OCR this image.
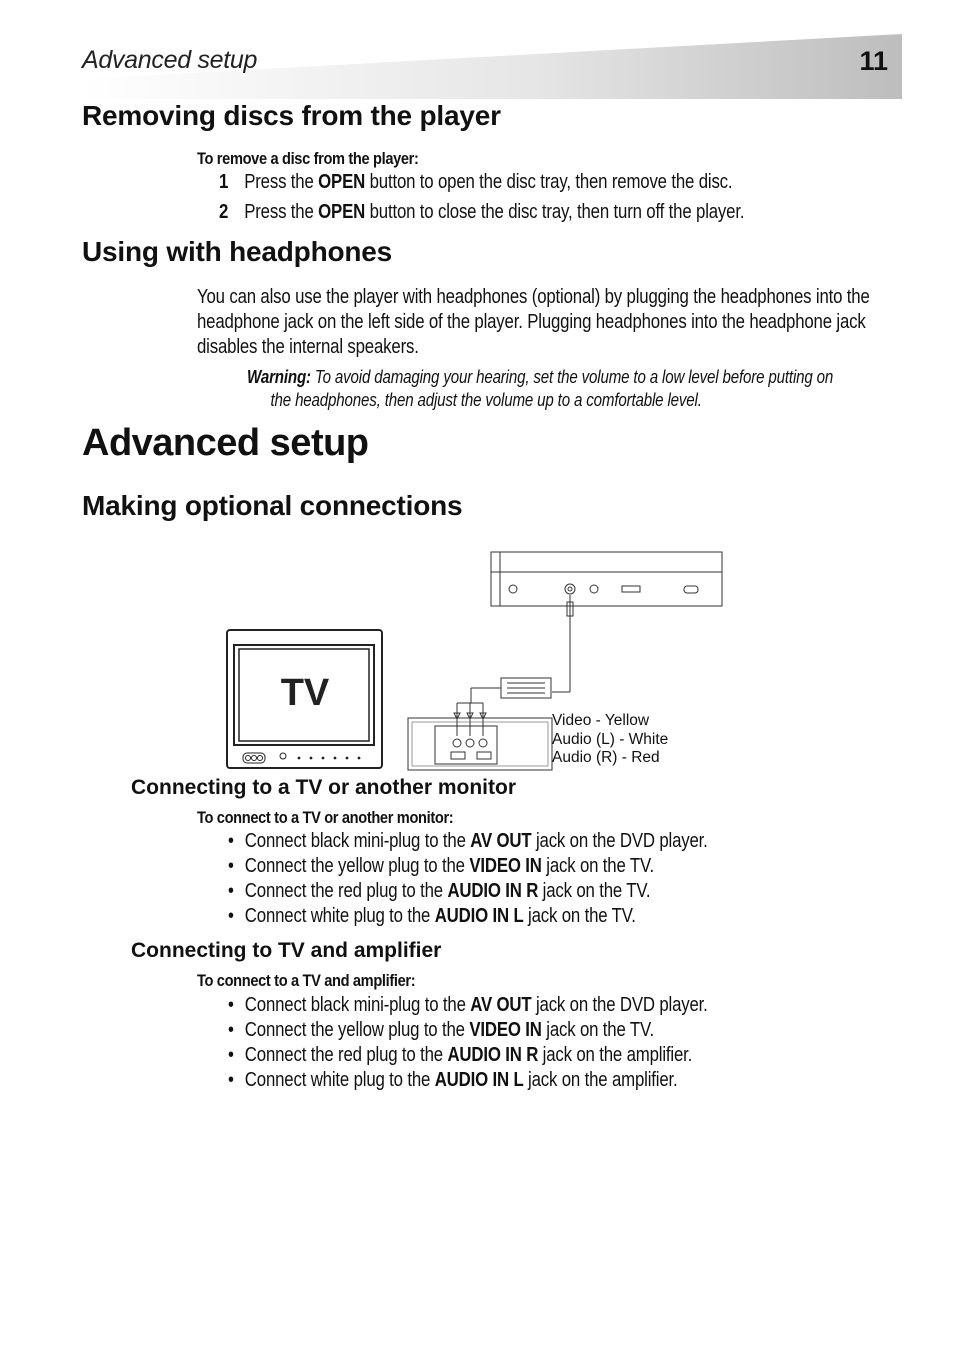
Advanced setup	11
Removing discs from the player
To remove a disc from the player:
1 Press the OPEN button to open the disc tray, then remove the disc.
2 Press the OPEN button to close the disc tray, then turn off the player.
Using with headphones
You can also use the player with headphones (optional) by plugging the headphones into the
headphone jack on the left side of the player. Plugging headphones into the headphone jack
disables the internal speakers.
Warning: To avoid damaging your hearing, set the volume to a low level before putting on
the headphones, then adjust the volume up to a comfortable level.
Advanced setup
Making optional connections
TV
Video - Yellow
Audio (L) - White
Audio (R) - Red
Connecting to a TV or another monitor
To connect to a TV or another monitor:
• Connect black mini-plug to the AV OUT jack on the DVD player.
• Connect the yellow plug to the VIDEO IN jack on the TV.
• Connect the red plug to the AUDIO IN R jack on the TV.
• Connect white plug to the AUDIO IN L jack on the TV.
Connecting to TV and amplifier
To connect to a TV and amplifier:
• Connect black mini-plug to the AV OUT jack on the DVD player.
• Connect the yellow plug to the VIDEO IN jack on the TV.
• Connect the red plug to the AUDIO IN R jack on the amplifier.
• Connect white plug to the AUDIO IN L jack on the amplifier.
